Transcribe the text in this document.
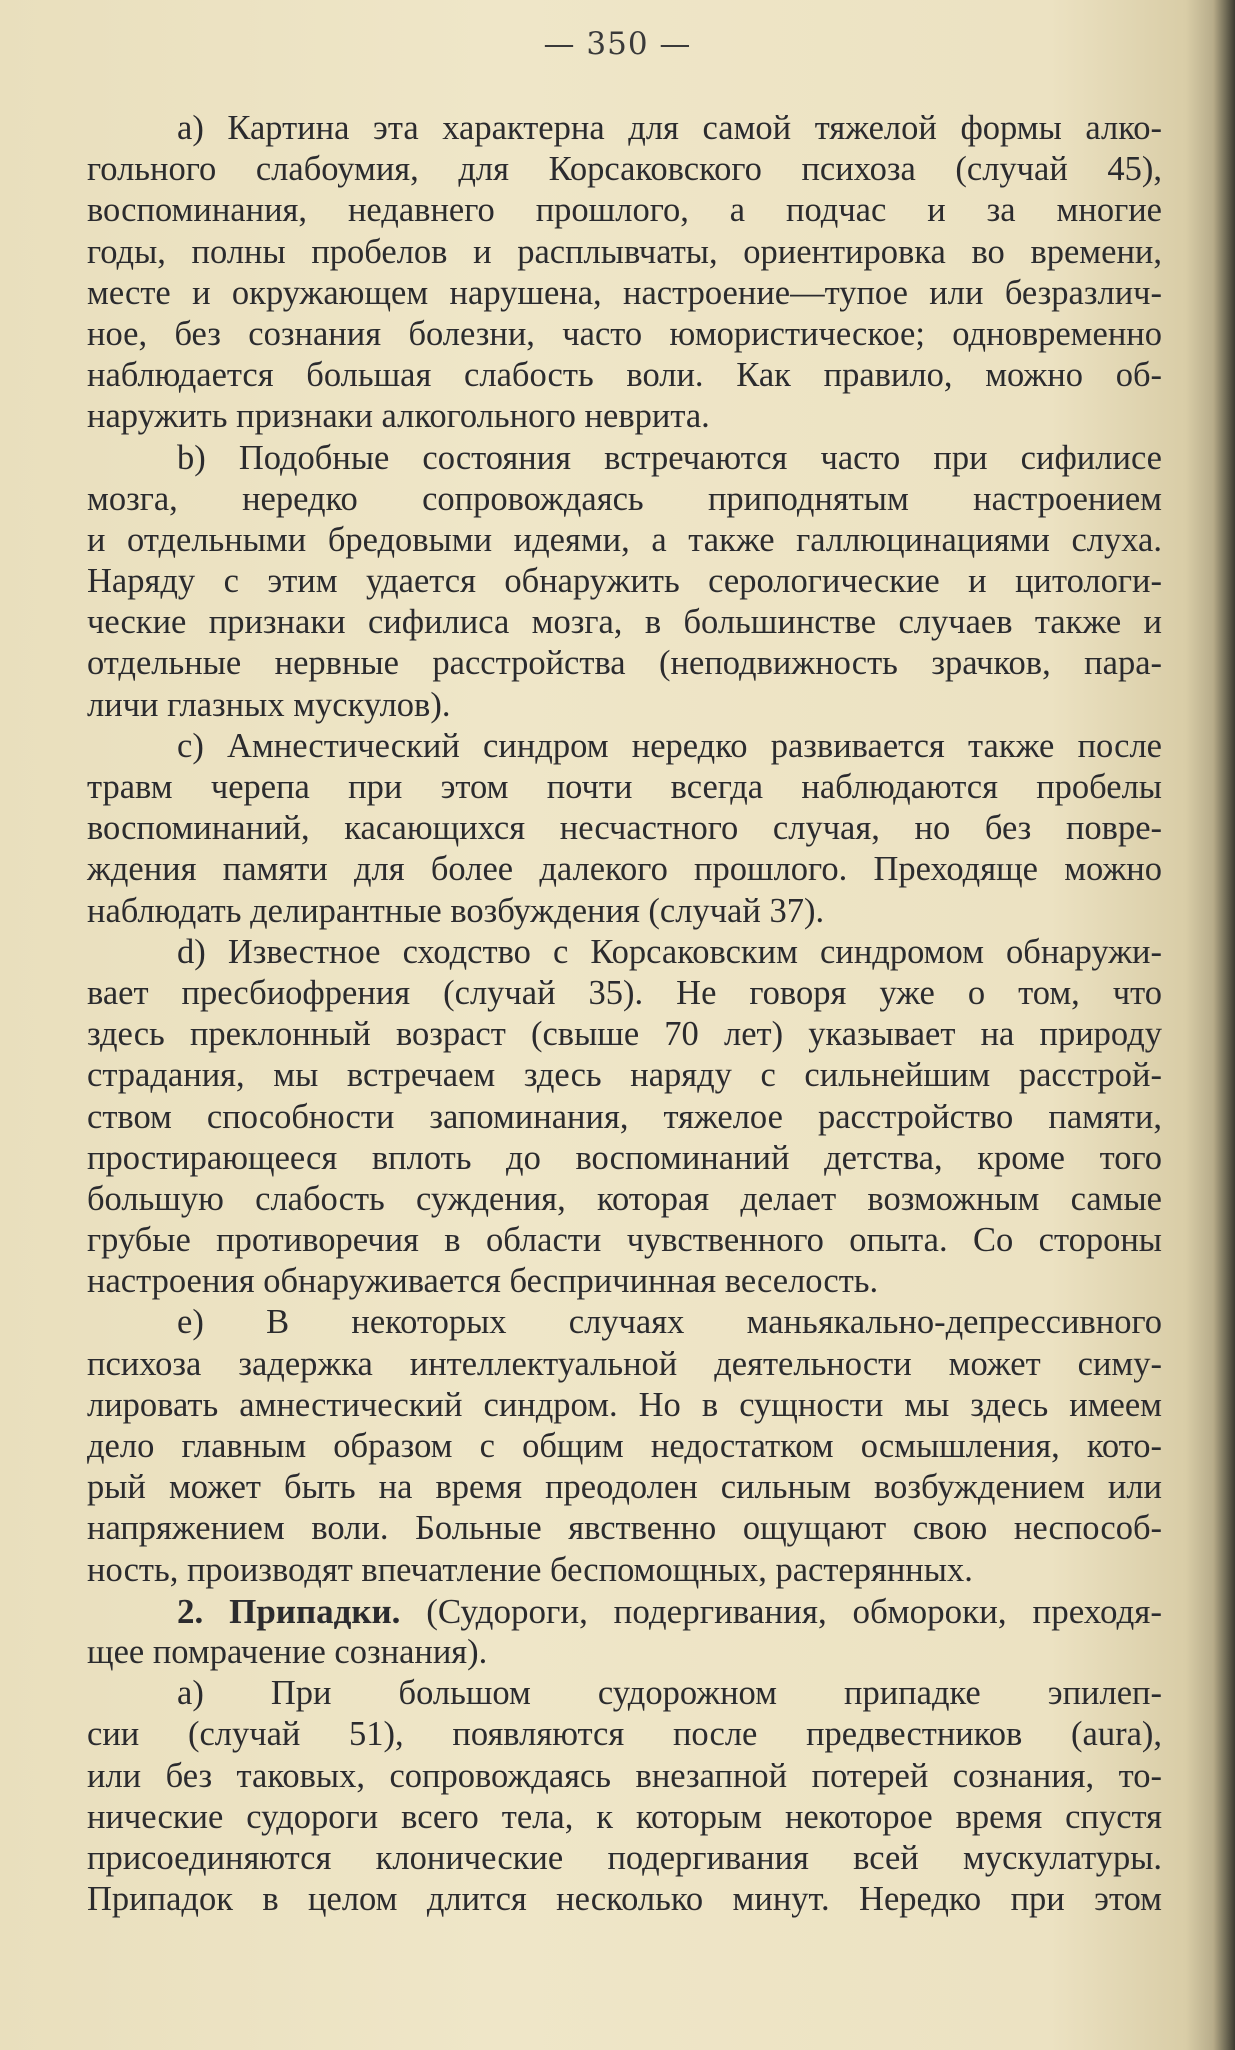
— 350 —
а) Картина эта характерна для самой тяжелой формы алко-
гольного слабоумия, для Корсаковского психоза (случай 45),
воспоминания, недавнего прошлого, а подчас и за многие
годы, полны пробелов и расплывчаты, ориентировка во времени,
месте и окружающем нарушена, настроение—тупое или безразлич-
ное, без сознания болезни, часто юмористическое; одновременно
наблюдается большая слабость воли. Как правило, можно об-
наружить признаки алкогольного неврита.
b) Подобные состояния встречаются часто при сифилисе
мозга, нередко сопровождаясь приподнятым настроением
и отдельными бредовыми идеями, а также галлюцинациями слуха.
Наряду с этим удается обнаружить серологические и цитологи-
ческие признаки сифилиса мозга, в большинстве случаев также и
отдельные нервные расстройства (неподвижность зрачков, пара-
личи глазных мускулов).
c) Амнестический синдром нередко развивается также после
травм черепа при этом почти всегда наблюдаются пробелы
воспоминаний, касающихся несчастного случая, но без повре-
ждения памяти для более далекого прошлого. Преходяще можно
наблюдать делирантные возбуждения (случай 37).
d) Известное сходство с Корсаковским синдромом обнаружи-
вает пресбиофрения (случай 35). Не говоря уже о том, что
здесь преклонный возраст (свыше 70 лет) указывает на природу
страдания, мы встречаем здесь наряду с сильнейшим расстрой-
ством способности запоминания, тяжелое расстройство памяти,
простирающееся вплоть до воспоминаний детства, кроме того
большую слабость суждения, которая делает возможным самые
грубые противоречия в области чувственного опыта. Со стороны
настроения обнаруживается беспричинная веселость.
e) В некоторых случаях маньякально-депрессивного
психоза задержка интеллектуальной деятельности может симу-
лировать амнестический синдром. Но в сущности мы здесь имеем
дело главным образом с общим недостатком осмышления, кото-
рый может быть на время преодолен сильным возбуждением или
напряжением воли. Больные явственно ощущают свою неспособ-
ность, производят впечатление беспомощных, растерянных.
2. Припадки. (Судороги, подергивания, обмороки, преходя-
щее помрачение сознания).
а) При большом судорожном припадке эпилеп-
сии (случай 51), появляются после предвестников (aura),
или без таковых, сопровождаясь внезапной потерей сознания, то-
нические судороги всего тела, к которым некоторое время спустя
присоединяются клонические подергивания всей мускулатуры.
Припадок в целом длится несколько минут. Нередко при этом
